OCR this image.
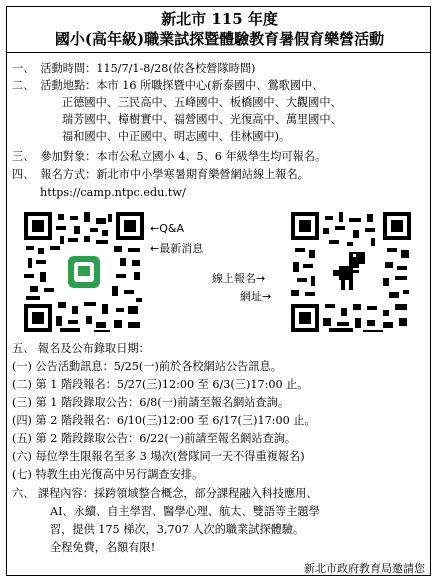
新北市 115 年度
國小(高年級)職業試探暨體驗教育暑假育樂營活動
一、 活動時間：115/7/1-8/28(依各校營隊時間)
二、 活動地點：本市 16 所職探暨中心(新泰國中、鶯歌國中、
正德國中、三民高中、五峰國中、板橋國中、大觀國中、
瑞芳國中、樟樹實中、福營國中、光復高中、萬里國中、
福和國中、中正國中、明志國中、佳林國中)。
三、 參加對象：本市公私立國小 4、5、6 年級學生均可報名。
四、 報名方式：新北市中小學寒暑期育樂營網站線上報名。
https://camp.ntpc.edu.tw/
←Q&A
←最新消息
線上報名→
網址→
五、 報名及公布錄取日期：
(一) 公告活動訊息：5/25(一)前於各校網站公告訊息。
(二) 第 1 階段報名：5/27(三)12:00 至 6/3(三)17:00 止。
(三) 第 1 階段錄取公告：6/8(一)前請至報名網站查詢。
(四) 第 2 階段報名：6/10(三)12:00 至 6/17(三)17:00 止。
(五) 第 2 階段錄取公告：6/22(一)前請至報名網站查詢。
(六) 每位學生限報名至多 3 場次(營隊同一天不得重複報名)
(七) 特教生由光復高中另行調查安排。
六、 課程內容：採跨領域整合概念，部分課程融入科技應用、
AI、永續、自主學習、醫學心理、航太、雙語等主題學
習，提供 175 梯次，3,707 人次的職業試探體驗。
全程免費，名額有限!
新北市政府教育局邀請您
